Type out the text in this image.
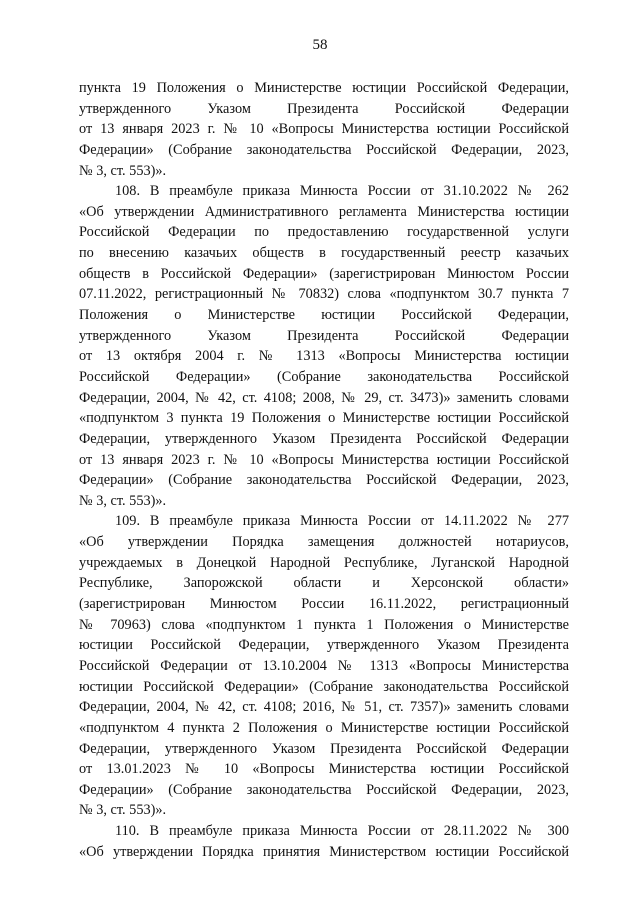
58
пункта 19 Положения о Министерстве юстиции Российской Федерации,
утвержденного Указом Президента Российской Федерации
от 13 января 2023 г. № 10 «Вопросы Министерства юстиции Российской
Федерации» (Собрание законодательства Российской Федерации, 2023,
№ 3, ст. 553)».
108. В преамбуле приказа Минюста России от 31.10.2022 № 262
«Об утверждении Административного регламента Министерства юстиции
Российской Федерации по предоставлению государственной услуги
по внесению казачьих обществ в государственный реестр казачьих
обществ в Российской Федерации» (зарегистрирован Минюстом России
07.11.2022, регистрационный № 70832) слова «подпунктом 30.7 пункта 7
Положения о Министерстве юстиции Российской Федерации,
утвержденного Указом Президента Российской Федерации
от 13 октября 2004 г. № 1313 «Вопросы Министерства юстиции
Российской Федерации» (Собрание законодательства Российской
Федерации, 2004, № 42, ст. 4108; 2008, № 29, ст. 3473)» заменить словами
«подпунктом 3 пункта 19 Положения о Министерстве юстиции Российской
Федерации, утвержденного Указом Президента Российской Федерации
от 13 января 2023 г. № 10 «Вопросы Министерства юстиции Российской
Федерации» (Собрание законодательства Российской Федерации, 2023,
№ 3, ст. 553)».
109. В преамбуле приказа Минюста России от 14.11.2022 № 277
«Об утверждении Порядка замещения должностей нотариусов,
учреждаемых в Донецкой Народной Республике, Луганской Народной
Республике, Запорожской области и Херсонской области»
(зарегистрирован Минюстом России 16.11.2022, регистрационный
№ 70963) слова «подпунктом 1 пункта 1 Положения о Министерстве
юстиции Российской Федерации, утвержденного Указом Президента
Российской Федерации от 13.10.2004 № 1313 «Вопросы Министерства
юстиции Российской Федерации» (Собрание законодательства Российской
Федерации, 2004, № 42, ст. 4108; 2016, № 51, ст. 7357)» заменить словами
«подпунктом 4 пункта 2 Положения о Министерстве юстиции Российской
Федерации, утвержденного Указом Президента Российской Федерации
от 13.01.2023 № 10 «Вопросы Министерства юстиции Российской
Федерации» (Собрание законодательства Российской Федерации, 2023,
№ 3, ст. 553)».
110. В преамбуле приказа Минюста России от 28.11.2022 № 300
«Об утверждении Порядка принятия Министерством юстиции Российской
